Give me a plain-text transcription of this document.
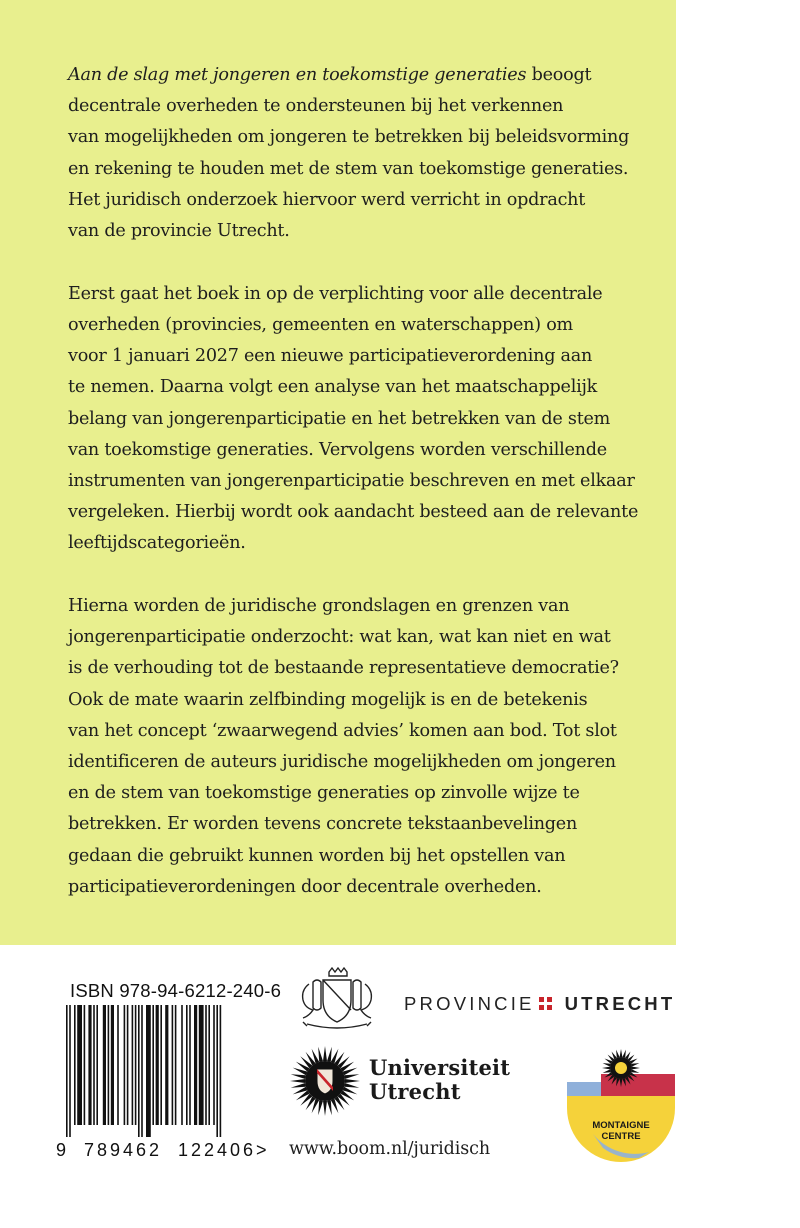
Aan de slag met jongeren en toekomstige generaties beoogt
decentrale overheden te ondersteunen bij het verkennen
van mogelijkheden om jongeren te betrekken bij beleidsvorming
en rekening te houden met de stem van toekomstige generaties.
Het juridisch onderzoek hiervoor werd verricht in opdracht
van de provincie Utrecht.

Eerst gaat het boek in op de verplichting voor alle decentrale
overheden (provincies, gemeenten en waterschappen) om
voor 1 januari 2027 een nieuwe participatieverordening aan
te nemen. Daarna volgt een analyse van het maatschappelijk
belang van jongerenparticipatie en het betrekken van de stem
van toekomstige generaties. Vervolgens worden verschillende
instrumenten van jongerenparticipatie beschreven en met elkaar
vergeleken. Hierbij wordt ook aandacht besteed aan de relevante
leeftijdscategorieën.

Hierna worden de juridische grondslagen en grenzen van
jongerenparticipatie onderzocht: wat kan, wat kan niet en wat
is de verhouding tot de bestaande representatieve democratie?
Ook de mate waarin zelfbinding mogelijk is en de betekenis
van het concept ‘zwaarwegend advies’ komen aan bod. Tot slot
identificeren de auteurs juridische mogelijkheden om jongeren
en de stem van toekomstige generaties op zinvolle wijze te
betrekken. Er worden tevens concrete tekstaanbevelingen
gedaan die gebruikt kunnen worden bij het opstellen van
participatieverordeningen door decentrale overheden.

ISBN 978-94-6212-240-6
9 789462 122406 >
PROVINCIE UTRECHT
Universiteit
Utrecht
MONTAIGNE
CENTRE
www.boom.nl/juridisch
